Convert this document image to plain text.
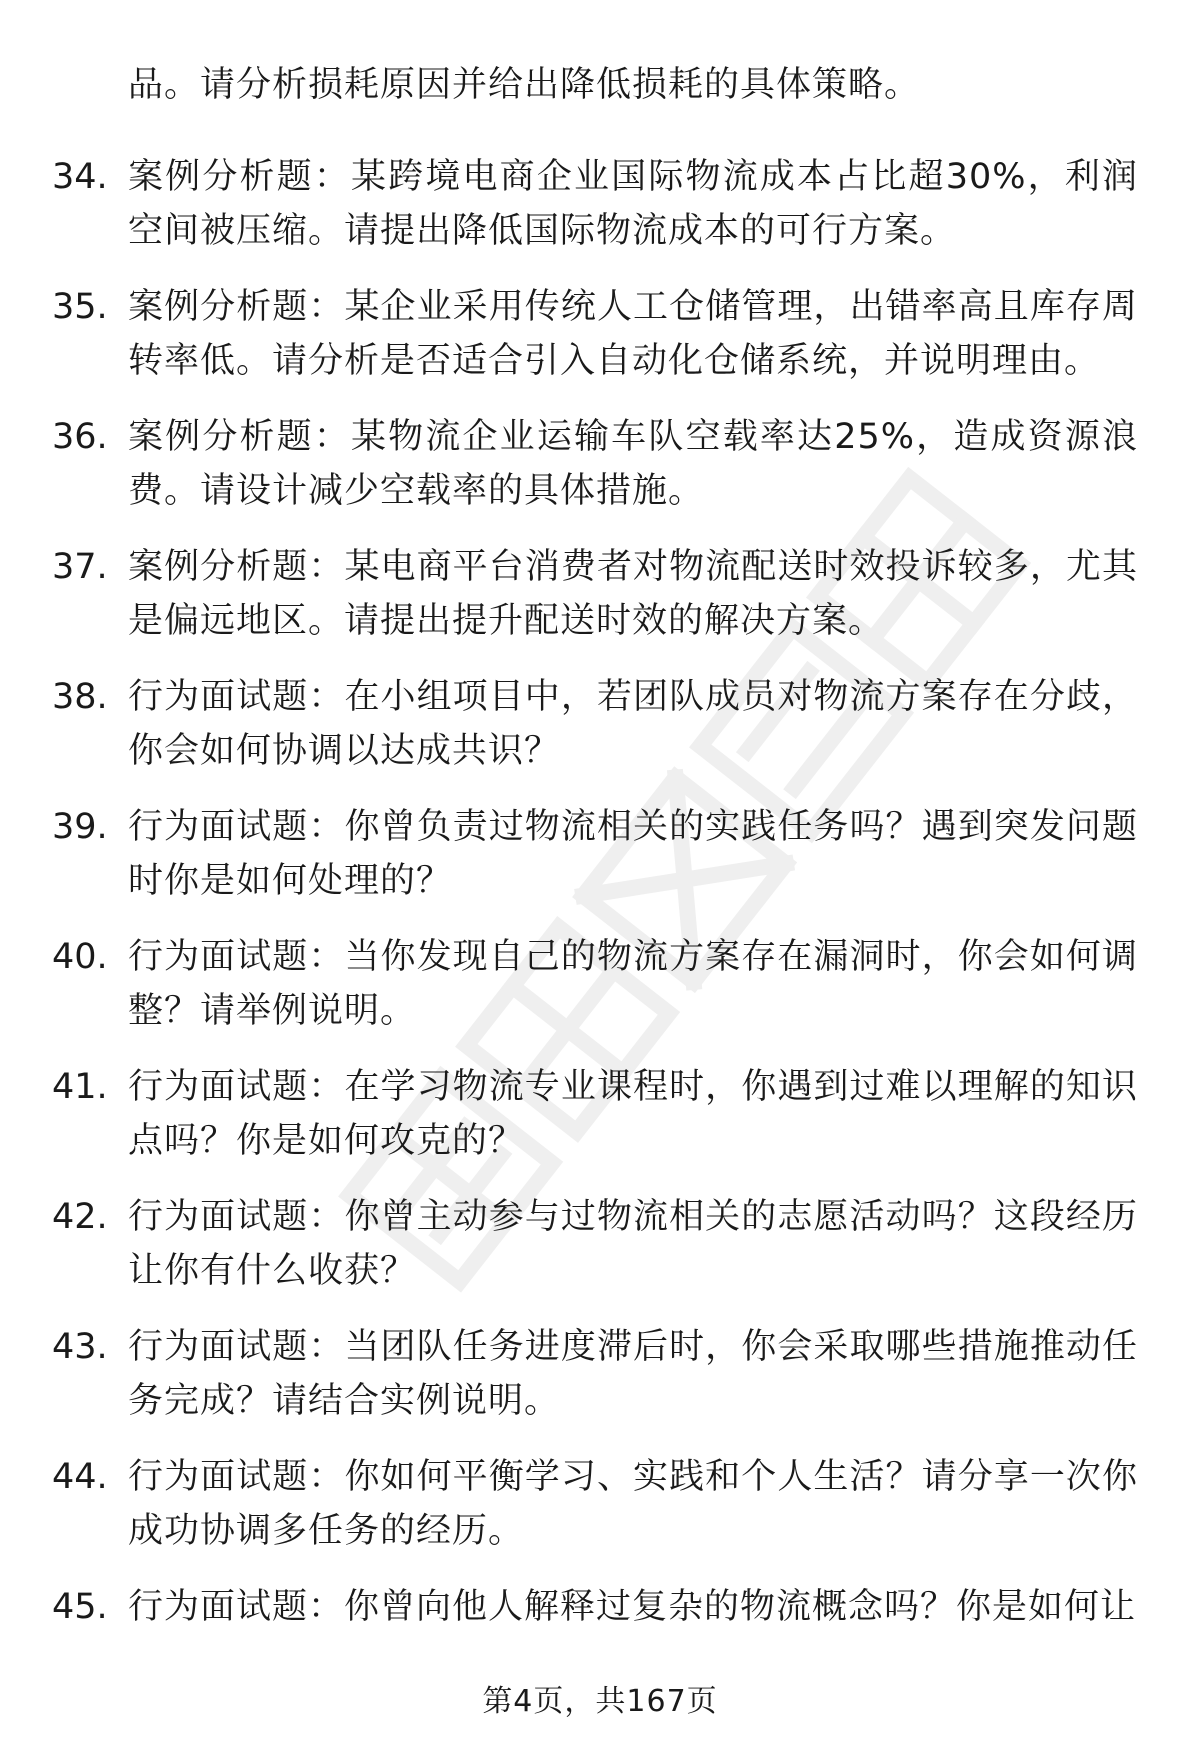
品。请分析损耗原因并给出降低损耗的具体策略。
34. 案例分析题：某跨境电商企业国际物流成本占比超30%，利润空间被压缩。请提出降低国际物流成本的可行方案。
35. 案例分析题：某企业采用传统人工仓储管理，出错率高且库存周转率低。请分析是否适合引入自动化仓储系统，并说明理由。
36. 案例分析题：某物流企业运输车队空载率达25%，造成资源浪费。请设计减少空载率的具体措施。
37. 案例分析题：某电商平台消费者对物流配送时效投诉较多，尤其是偏远地区。请提出提升配送时效的解决方案。
38. 行为面试题：在小组项目中，若团队成员对物流方案存在分歧，你会如何协调以达成共识？
39. 行为面试题：你曾负责过物流相关的实践任务吗？遇到突发问题时你是如何处理的？
40. 行为面试题：当你发现自己的物流方案存在漏洞时，你会如何调整？请举例说明。
41. 行为面试题：在学习物流专业课程时，你遇到过难以理解的知识点吗？你是如何攻克的？
42. 行为面试题：你曾主动参与过物流相关的志愿活动吗？这段经历让你有什么收获？
43. 行为面试题：当团队任务进度滞后时，你会采取哪些措施推动任务完成？请结合实例说明。
44. 行为面试题：你如何平衡学习、实践和个人生活？请分享一次你成功协调多任务的经历。
45. 行为面试题：你曾向他人解释过复杂的物流概念吗？你是如何让
第4页，共167页
